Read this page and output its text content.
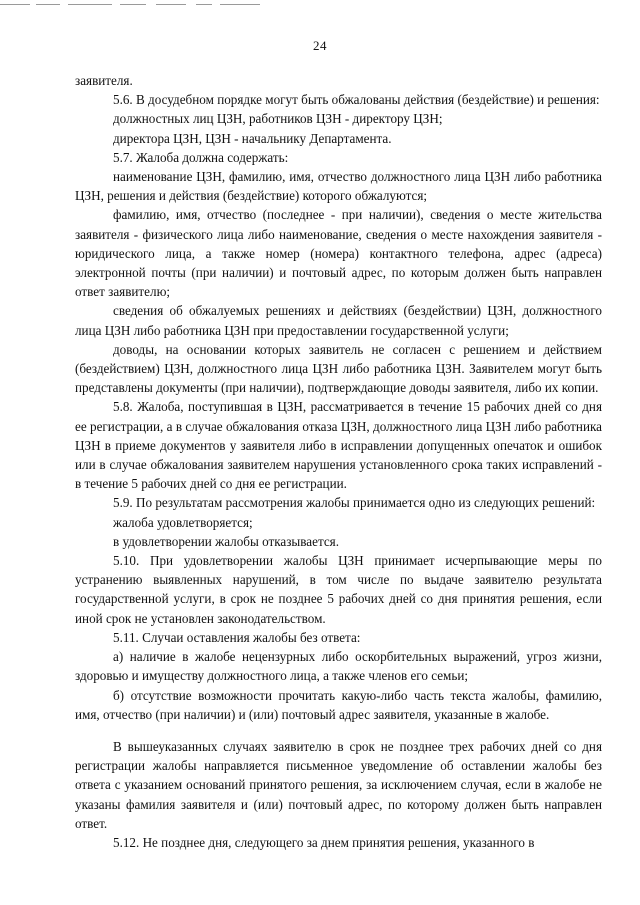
24

заявителя.

5.6. В досудебном порядке могут быть обжалованы действия (бездействие) и решения:

должностных лиц ЦЗН, работников ЦЗН - директору ЦЗН;

директора ЦЗН, ЦЗН - начальнику Департамента.

5.7. Жалоба должна содержать:

наименование ЦЗН, фамилию, имя, отчество должностного лица ЦЗН либо работника ЦЗН, решения и действия (бездействие) которого обжалуются;

фамилию, имя, отчество (последнее - при наличии), сведения о месте жительства заявителя - физического лица либо наименование, сведения о месте нахождения заявителя - юридического лица, а также номер (номера) контактного телефона, адрес (адреса) электронной почты (при наличии) и почтовый адрес, по которым должен быть направлен ответ заявителю;

сведения об обжалуемых решениях и действиях (бездействии) ЦЗН, должностного лица ЦЗН либо работника ЦЗН при предоставлении государственной услуги;

доводы, на основании которых заявитель не согласен с решением и действием (бездействием) ЦЗН, должностного лица ЦЗН либо работника ЦЗН. Заявителем могут быть представлены документы (при наличии), подтверждающие доводы заявителя, либо их копии.

5.8. Жалоба, поступившая в ЦЗН, рассматривается в течение 15 рабочих дней со дня ее регистрации, а в случае обжалования отказа ЦЗН, должностного лица ЦЗН либо работника ЦЗН в приеме документов у заявителя либо в исправлении допущенных опечаток и ошибок или в случае обжалования заявителем нарушения установленного срока таких исправлений - в течение 5 рабочих дней со дня ее регистрации.

5.9. По результатам рассмотрения жалобы принимается одно из следующих решений:

жалоба удовлетворяется;

в удовлетворении жалобы отказывается.

5.10. При удовлетворении жалобы ЦЗН принимает исчерпывающие меры по устранению выявленных нарушений, в том числе по выдаче заявителю результата государственной услуги, в срок не позднее 5 рабочих дней со дня принятия решения, если иной срок не установлен законодательством.

5.11. Случаи оставления жалобы без ответа:

а) наличие в жалобе нецензурных либо оскорбительных выражений, угроз жизни, здоровью и имуществу должностного лица, а также членов его семьи;

б) отсутствие возможности прочитать какую-либо часть текста жалобы, фамилию, имя, отчество (при наличии) и (или) почтовый адрес заявителя, указанные в жалобе.

В вышеуказанных случаях заявителю в срок не позднее трех рабочих дней со дня регистрации жалобы направляется письменное уведомление об оставлении жалобы без ответа с указанием оснований принятого решения, за исключением случая, если в жалобе не указаны фамилия заявителя и (или) почтовый адрес, по которому должен быть направлен ответ.

5.12. Не позднее дня, следующего за днем принятия решения, указанного в
